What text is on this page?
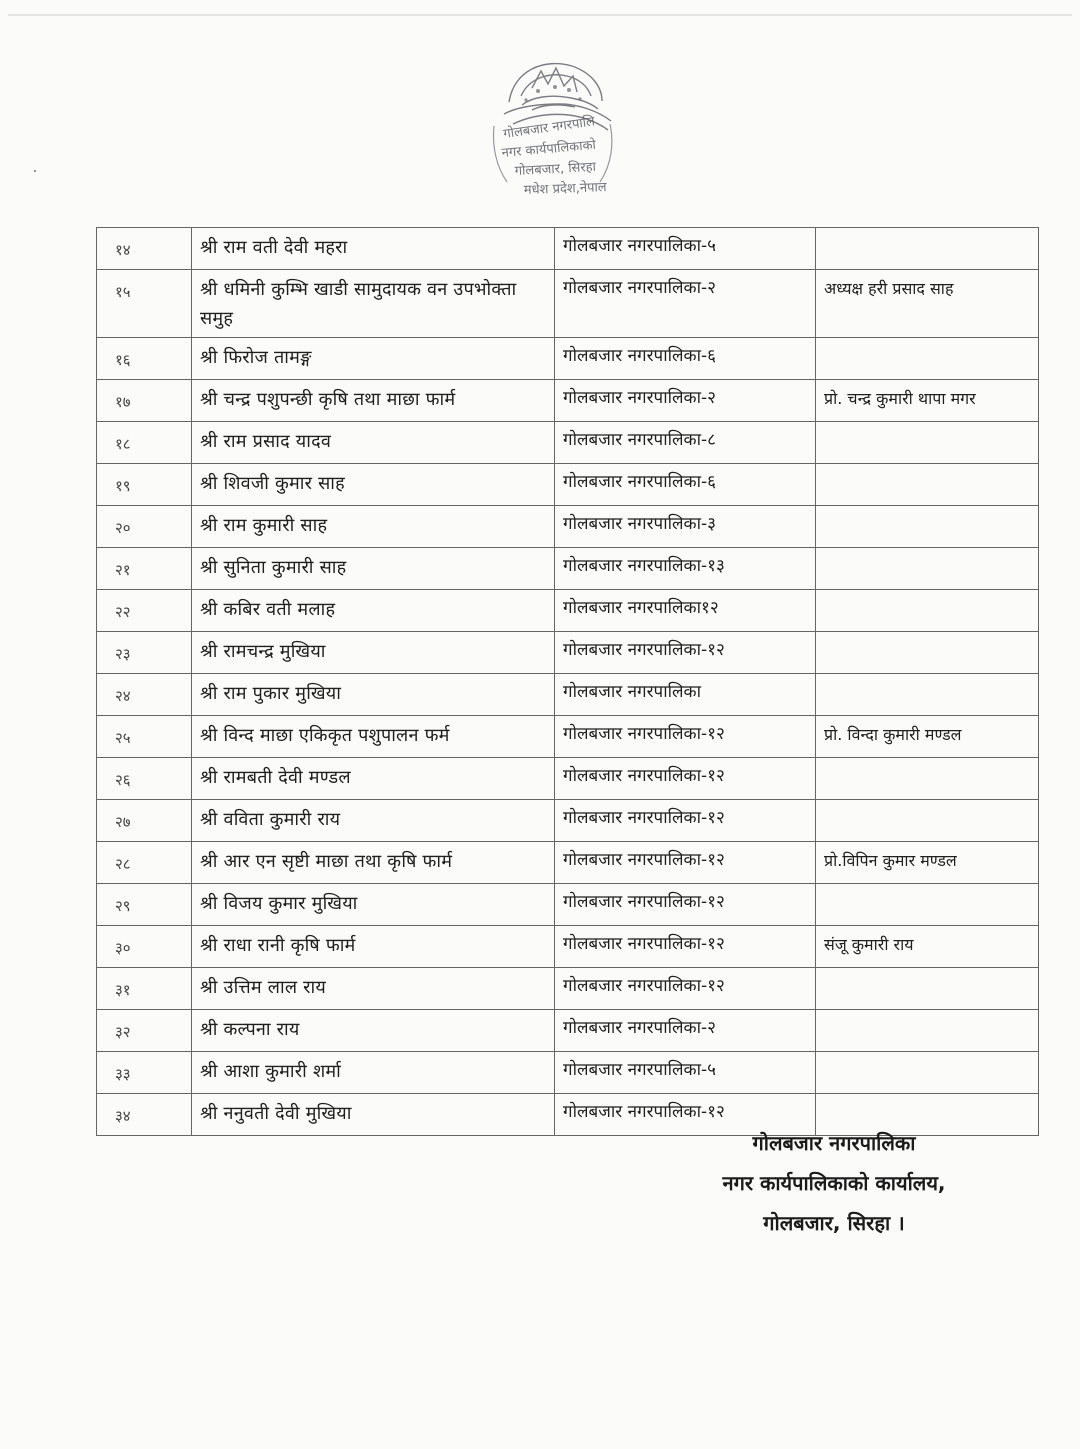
गोलबजार नगरपालि
नगर कार्यपालिकाको
गोलबजार, सिरहा
मधेश प्रदेश,नेपाल
१४	श्री राम वती देवी महरा	गोलबजार नगरपालिका-५	
१५	श्री धमिनी कुम्भि खाडी सामुदायक वन उपभोक्ता समुह	गोलबजार नगरपालिका-२	अध्यक्ष हरी प्रसाद साह
१६	श्री फिरोज तामङ्ग	गोलबजार नगरपालिका-६	
१७	श्री चन्द्र पशुपन्छी कृषि तथा माछा फार्म	गोलबजार नगरपालिका-२	प्रो. चन्द्र कुमारी थापा मगर
१८	श्री राम प्रसाद यादव	गोलबजार नगरपालिका-८	
१९	श्री शिवजी कुमार साह	गोलबजार नगरपालिका-६	
२०	श्री राम कुमारी साह	गोलबजार नगरपालिका-३	
२१	श्री सुनिता कुमारी साह	गोलबजार नगरपालिका-१३	
२२	श्री कबिर वती मलाह	गोलबजार नगरपालिका१२	
२३	श्री रामचन्द्र मुखिया	गोलबजार नगरपालिका-१२	
२४	श्री राम पुकार मुखिया	गोलबजार नगरपालिका	
२५	श्री विन्द माछा एकिकृत पशुपालन फर्म	गोलबजार नगरपालिका-१२	प्रो. विन्दा कुमारी मण्डल
२६	श्री रामबती देवी मण्डल	गोलबजार नगरपालिका-१२	
२७	श्री वविता कुमारी राय	गोलबजार नगरपालिका-१२	
२८	श्री आर एन सृष्टी माछा तथा कृषि फार्म	गोलबजार नगरपालिका-१२	प्रो.विपिन कुमार मण्डल
२९	श्री विजय कुमार मुखिया	गोलबजार नगरपालिका-१२	
३०	श्री राधा रानी कृषि फार्म	गोलबजार नगरपालिका-१२	संजू कुमारी राय
३१	श्री उत्तिम लाल राय	गोलबजार नगरपालिका-१२	
३२	श्री कल्पना राय	गोलबजार नगरपालिका-२	
३३	श्री आशा कुमारी शर्मा	गोलबजार नगरपालिका-५	
३४	श्री ननुवती देवी मुखिया	गोलबजार नगरपालिका-१२	
गोलबजार नगरपालिका
नगर कार्यपालिकाको कार्यालय,
गोलबजार, सिरहा ।
